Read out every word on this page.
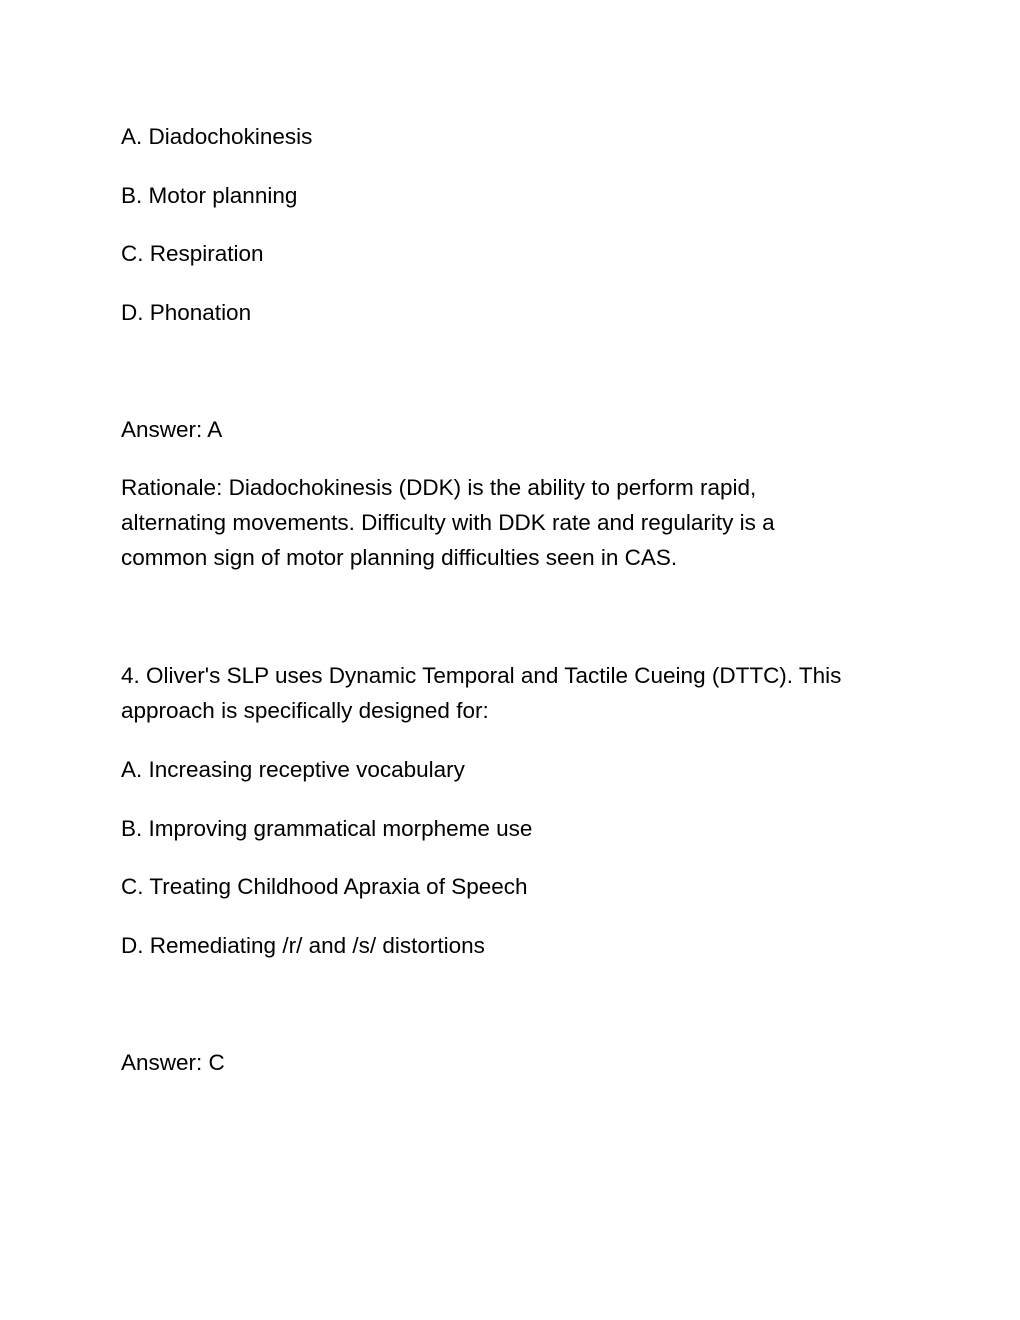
A. Diadochokinesis

B. Motor planning

C. Respiration

D. Phonation

Answer: A

Rationale: Diadochokinesis (DDK) is the ability to perform rapid,
alternating movements. Difficulty with DDK rate and regularity is a
common sign of motor planning difficulties seen in CAS.
4. Oliver's SLP uses Dynamic Temporal and Tactile Cueing (DTTC). This
approach is specifically designed for:

A. Increasing receptive vocabulary

B. Improving grammatical morpheme use

C. Treating Childhood Apraxia of Speech

D. Remediating /r/ and /s/ distortions

Answer: C
